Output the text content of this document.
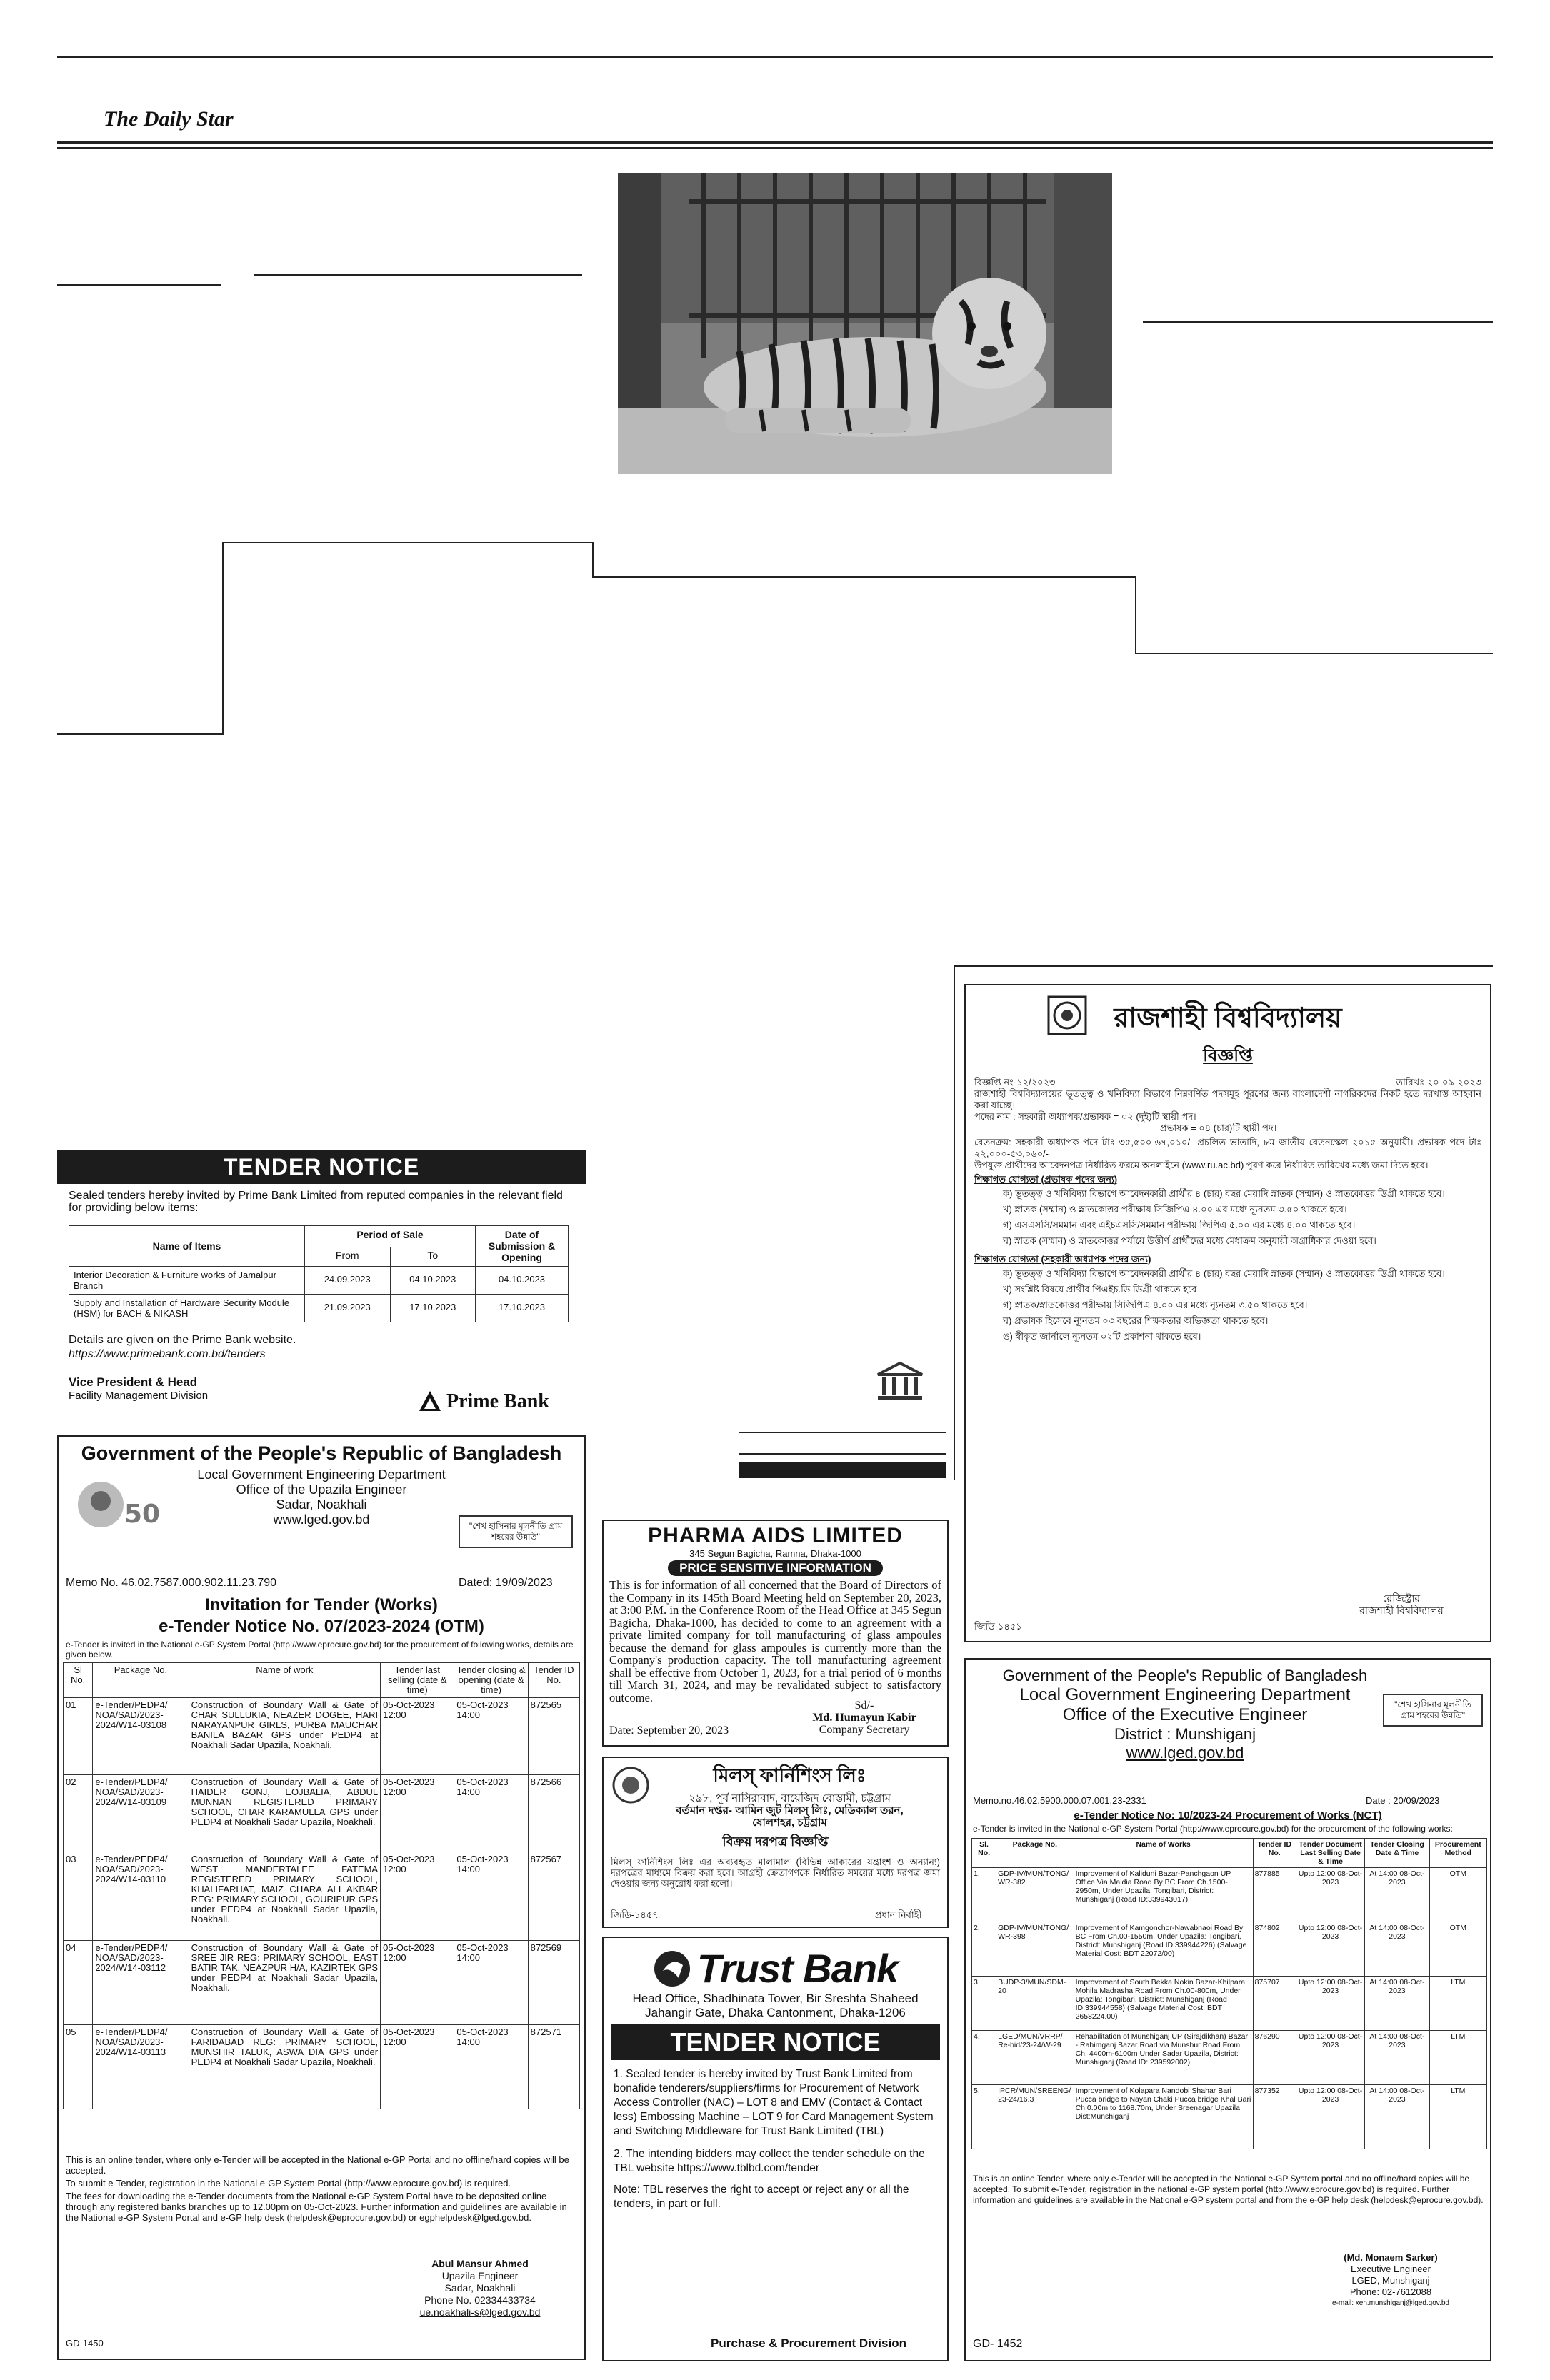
The Daily Star
TENDER NOTICE
Sealed tenders hereby invited by Prime Bank Limited from reputed companies in the relevant field for providing below items:
Name of Items	Period of Sale		Date of Submission & Opening
	From	To	
Interior Decoration & Furniture works of Jamalpur Branch	24.09.2023	04.10.2023	04.10.2023
Supply and Installation of Hardware Security Module (HSM) for BACH & NIKASH	21.09.2023	17.10.2023	17.10.2023
Details are given on the Prime Bank website.
https://www.primebank.com.bd/tenders
Vice President & Head
Facility Management Division	Prime Bank
Government of the People's Republic of Bangladesh
50
Local Government Engineering Department
Office of the Upazila Engineer
Sadar, Noakhali
www.lged.gov.bd	"শেখ হাসিনার মূলনীতি গ্রাম শহরের উন্নতি"
Memo No. 46.02.7587.000.902.11.23.790	Dated: 19/09/2023
Invitation for Tender (Works)
e-Tender Notice No. 07/2023-2024 (OTM)
e-Tender is invited in the National e-GP System Portal (http://www.eprocure.gov.bd) for the procurement of following works, details are given below.
Sl No.	Package No.	Name of work	Tender last selling (date & time)	Tender closing & opening (date & time)	Tender ID No.
01	e-Tender/PEDP4/ NOA/SAD/2023-2024/W14-03108	Construction of Boundary Wall & Gate of CHAR SULLUKIA, NEAZER DOGEE, HARI NARAYANPUR GIRLS, PURBA MAUCHAR BANILA BAZAR GPS under PEDP4 at Noakhali Sadar Upazila, Noakhali.	05-Oct-2023 12:00	05-Oct-2023 14:00	872565
02	e-Tender/PEDP4/ NOA/SAD/2023-2024/W14-03109	Construction of Boundary Wall & Gate of HAIDER GONJ, EOJBALIA, ABDUL MUNNAN REGISTERED PRIMARY SCHOOL, CHAR KARAMULLA GPS under PEDP4 at Noakhali Sadar Upazila, Noakhali.	05-Oct-2023 12:00	05-Oct-2023 14:00	872566
03	e-Tender/PEDP4/ NOA/SAD/2023-2024/W14-03110	Construction of Boundary Wall & Gate of WEST MANDERTALEE FATEMA REGISTERED PRIMARY SCHOOL, KHALIFARHAT, MAIZ CHARA ALI AKBAR REG: PRIMARY SCHOOL, GOURIPUR GPS under PEDP4 at Noakhali Sadar Upazila, Noakhali.	05-Oct-2023 12:00	05-Oct-2023 14:00	872567
04	e-Tender/PEDP4/ NOA/SAD/2023-2024/W14-03112	Construction of Boundary Wall & Gate of SREE JIR REG: PRIMARY SCHOOL, EAST BATIR TAK, NEAZPUR H/A, KAZIRTEK GPS under PEDP4 at Noakhali Sadar Upazila, Noakhali.	05-Oct-2023 12:00	05-Oct-2023 14:00	872569
05	e-Tender/PEDP4/ NOA/SAD/2023-2024/W14-03113	Construction of Boundary Wall & Gate of FARIDABAD REG: PRIMARY SCHOOL, MUNSHIR TALUK, ASWA DIA GPS under PEDP4 at Noakhali Sadar Upazila, Noakhali.	05-Oct-2023 12:00	05-Oct-2023 14:00	872571
This is an online tender, where only e-Tender will be accepted in the National e-GP Portal and no offline/hard copies will be accepted.
To submit e-Tender, registration in the National e-GP System Portal (http://www.eprocure.gov.bd) is required.
The fees for downloading the e-Tender documents from the National e-GP System Portal have to be deposited online through any registered banks branches up to 12.00pm on 05-Oct-2023. Further information and guidelines are available in the National e-GP System Portal and e-GP help desk (helpdesk@eprocure.gov.bd) or egphelpdesk@lged.gov.bd.
Abul Mansur Ahmed
Upazila Engineer
Sadar, Noakhali
Phone No. 02334433734
ue.noakhali-s@lged.gov.bd
GD-1450
PHARMA AIDS LIMITED
345 Segun Bagicha, Ramna, Dhaka-1000
PRICE SENSITIVE INFORMATION
This is for information of all concerned that the Board of Directors of the Company in its 145th Board Meeting held on September 20, 2023, at 3:00 P.M. in the Conference Room of the Head Office at 345 Segun Bagicha, Dhaka-1000, has decided to come to an agreement with a private limited company for toll manufacturing of glass ampoules because the demand for glass ampoules is currently more than the Company's production capacity. The toll manufacturing agreement shall be effective from October 1, 2023, for a trial period of 6 months till March 31, 2024, and may be revalidated subject to satisfactory outcome.
Sd/-
Md. Humayun Kabir
Company Secretary
Date: September 20, 2023
মিলস্ ফার্নিশিংস লিঃ
২৯৮, পূর্ব নাসিরাবাদ, বায়েজিদ বোস্তামী, চট্টগ্রাম
বর্তমান দপ্তর- আমিন জুট মিলস্ লিঃ, মেডিক্যাল তরন,
ষোলশহর, চট্টগ্রাম
বিক্রয় দরপত্র বিজ্ঞপ্তি
মিলস্ ফার্নিশিংস লিঃ এর অব্যবহৃত মালামাল (বিভিন্ন আকারের যন্ত্রাংশ ও অন্যান্য) দরপত্রের মাধ্যমে বিক্রয় করা হবে। আগ্রহী ক্রেতাগণকে নির্ধারিত সময়ের মধ্যে দরপত্র জমা দেওয়ার জন্য অনুরোধ করা হলো।
জিডি-১৪৫৭	প্রধান নির্বাহী
Trust Bank
Head Office, Shadhinata Tower, Bir Sreshta Shaheed
Jahangir Gate, Dhaka Cantonment, Dhaka-1206
TENDER NOTICE
1. Sealed tender is hereby invited by Trust Bank Limited from bonafide tenderers/suppliers/firms for Procurement of Network Access Controller (NAC) – LOT 8 and EMV (Contact & Contact less) Embossing Machine – LOT 9 for Card Management System and Switching Middleware for Trust Bank Limited (TBL)
2. The intending bidders may collect the tender schedule on the TBL website https://www.tblbd.com/tender
Note: TBL reserves the right to accept or reject any or all the tenders, in part or full.
Purchase & Procurement Division
রাজশাহী বিশ্ববিদ্যালয়
বিজ্ঞপ্তি
বিজ্ঞপ্তি নং-১২/২০২৩	তারিখঃ ২০-০৯-২০২৩
রাজশাহী বিশ্ববিদ্যালয়ের ভূতত্ত্ব ও খনিবিদ্যা বিভাগে নিম্নবর্ণিত পদসমূহ পূরণের জন্য বাংলাদেশী নাগরিকদের নিকট হতে দরখাস্ত আহবান করা যাচ্ছে।
পদের নাম : সহকারী অধ্যাপক/প্রভাষক = ০২ (দুই)টি স্থায়ী পদ।
প্রভাষক = ০৪ (চার)টি স্থায়ী পদ।
বেতনক্রম: সহকারী অধ্যাপক পদে টাঃ ৩৫,৫০০-৬৭,০১০/- প্রচলিত ভাতাদি, ৮ম জাতীয় বেতনস্কেল ২০১৫ অনুযায়ী। প্রভাষক পদে টাঃ ২২,০০০-৫৩,০৬০/-
উপযুক্ত প্রার্থীদের আবেদনপত্র নির্ধারিত ফরমে অনলাইনে (www.ru.ac.bd) পূরণ করে নির্ধারিত তারিখের মধ্যে জমা দিতে হবে।
শিক্ষাগত যোগ্যতা (প্রভাষক পদের জন্য)
ক) ভূতত্ত্ব ও খনিবিদ্যা বিভাগে আবেদনকারী প্রার্থীর ৪ (চার) বছর মেয়াদি স্নাতক (সম্মান) ও স্নাতকোত্তর ডিগ্রী থাকতে হবে।
খ) স্নাতক (সম্মান) ও স্নাতকোত্তর পরীক্ষায় সিজিপিএ ৪.০০ এর মধ্যে ন্যূনতম ৩.৫০ থাকতে হবে।
গ) এসএসসি/সমমান এবং এইচএসসি/সমমান পরীক্ষায় জিপিএ ৫.০০ এর মধ্যে ৪.০০ থাকতে হবে।
ঘ) স্নাতক (সম্মান) ও স্নাতকোত্তর পর্যায়ে উত্তীর্ণ প্রার্থীদের মধ্যে মেধাক্রম অনুযায়ী অগ্রাধিকার দেওয়া হবে।
শিক্ষাগত যোগ্যতা (সহকারী অধ্যাপক পদের জন্য)
ক) ভূতত্ত্ব ও খনিবিদ্যা বিভাগে আবেদনকারী প্রার্থীর ৪ (চার) বছর মেয়াদি স্নাতক (সম্মান) ও স্নাতকোত্তর ডিগ্রী থাকতে হবে।
খ) সংশ্লিষ্ট বিষয়ে প্রার্থীর পিএইচ.ডি ডিগ্রী থাকতে হবে।
গ) স্নাতক/স্নাতকোত্তর পরীক্ষায় সিজিপিএ ৪.০০ এর মধ্যে ন্যূনতম ৩.৫০ থাকতে হবে।
ঘ) প্রভাষক হিসেবে ন্যূনতম ০৩ বছরের শিক্ষকতার অভিজ্ঞতা থাকতে হবে।
ঙ) স্বীকৃত জার্নালে ন্যূনতম ০২টি প্রকাশনা থাকতে হবে।
রেজিস্ট্রার
রাজশাহী বিশ্ববিদ্যালয়
জিডি-১৪৫১
Government of the People's Republic of Bangladesh
Local Government Engineering Department
Office of the Executive Engineer
District : Munshiganj
www.lged.gov.bd
"শেখ হাসিনার মূলনীতি গ্রাম শহরের উন্নতি"
Memo.no.46.02.5900.000.07.001.23-2331	Date : 20/09/2023
e-Tender Notice No: 10/2023-24 Procurement of Works (NCT)
e-Tender is invited in the National e-GP System Portal (http://www.eprocure.gov.bd) for the procurement of the following works:
Sl. No.	Package No.	Name of Works	Tender ID No.	Tender Document Last Selling Date & Time	Tender Closing Date & Time	Procurement Method
1.	GDP-IV/MUN/TONG/ WR-382	Improvement of Kaliduni Bazar-Panchgaon UP Office Via Maldia Road By BC From Ch.1500-2950m, Under Upazila: Tongibari, District: Munshiganj (Road ID:339943017)	877885	Upto 12:00 08-Oct-2023	At 14:00 08-Oct-2023	OTM
2.	GDP-IV/MUN/TONG/ WR-398	Improvement of Kamgonchor-Nawabnaoi Road By BC From Ch.00-1550m, Under Upazila: Tongibari, District: Munshiganj (Road ID:339944226) (Salvage Material Cost: BDT 22072/00)	874802	Upto 12:00 08-Oct-2023	At 14:00 08-Oct-2023	OTM
3.	BUDP-3/MUN/SDM-20	Improvement of South Bekka Nokin Bazar-Khilpara Mohila Madrasha Road From Ch.00-800m, Under Upazila: Tongibari, District: Munshiganj (Road ID:339944558) (Salvage Material Cost: BDT 2658224.00)	875707	Upto 12:00 08-Oct-2023	At 14:00 08-Oct-2023	LTM
4.	LGED/MUN/VRRP/ Re-bid/23-24/W-29	Rehabilitation of Munshiganj UP (Sirajdikhan) Bazar - Rahimganj Bazar Road via Munshur Road From Ch: 4400m-6100m Under Sadar Upazila, District: Munshiganj (Road ID: 239592002)	876290	Upto 12:00 08-Oct-2023	At 14:00 08-Oct-2023	LTM
5.	IPCR/MUN/SREENG/ 23-24/16.3	Improvement of Kolapara Nandobi Shahar Bari Pucca bridge to Nayan Chaki Pucca bridge Khal Bari Ch.0.00m to 1168.70m, Under Sreenagar Upazila Dist:Munshiganj	877352	Upto 12:00 08-Oct-2023	At 14:00 08-Oct-2023	LTM
This is an online Tender, where only e-Tender will be accepted in the National e-GP System portal and no offline/hard copies will be accepted. To submit e-Tender, registration in the national e-GP system portal (http://www.eprocure.gov.bd) is required. Further information and guidelines are available in the National e-GP system portal and from the e-GP help desk (helpdesk@eprocure.gov.bd).
(Md. Monaem Sarker)
Executive Engineer
LGED, Munshiganj
Phone: 02-7612088
e-mail: xen.munshiganj@lged.gov.bd
GD- 1452
